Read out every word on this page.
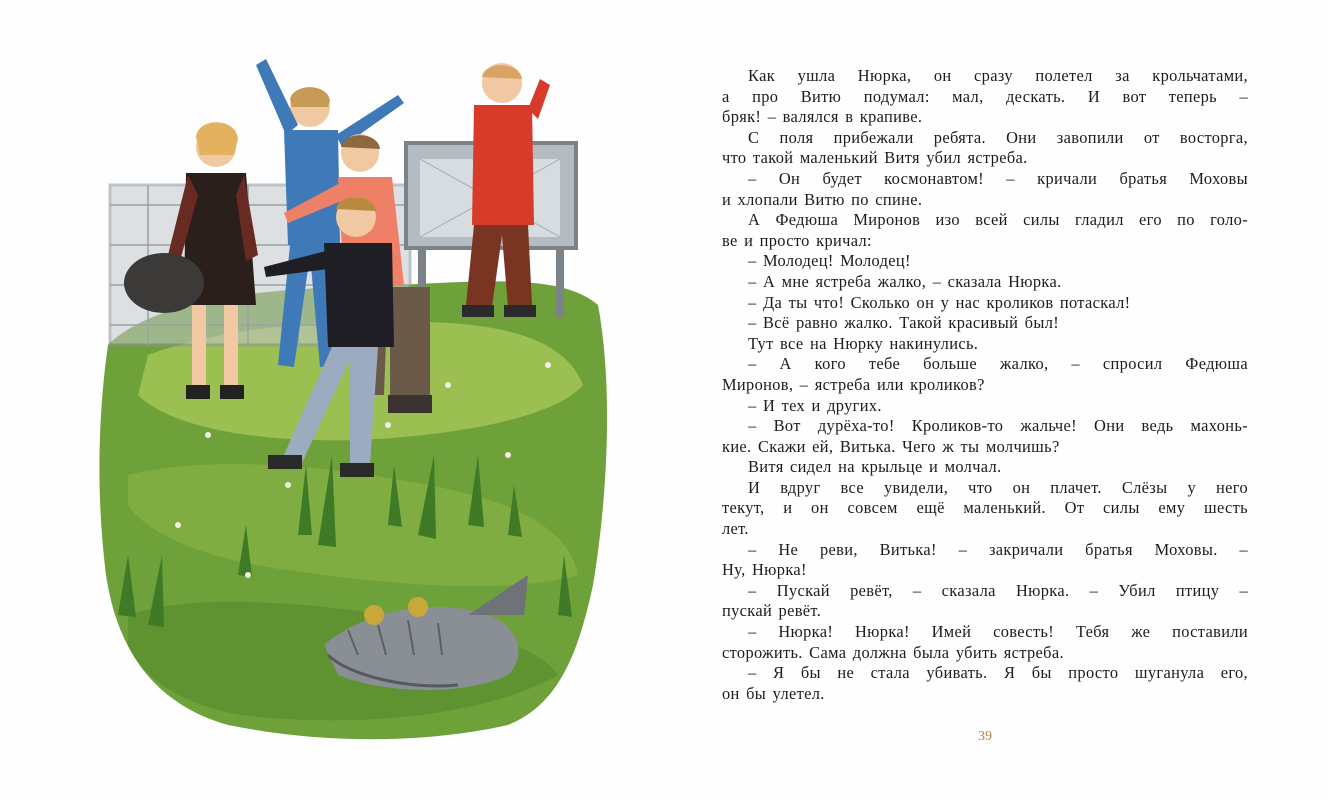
Как ушла Нюрка, он сразу полетел за крольчатами,

а про Витю подумал: мал, дескать. И вот теперь –

бряк! – валялся в крапиве.

С поля прибежали ребята. Они завопили от восторга,

что такой маленький Витя убил ястреба.

– Он будет космонавтом! – кричали братья Моховы

и хлопали Витю по спине.

А Федюша Миронов изо всей силы гладил его по голо-

ве и просто кричал:

– Молодец! Молодец!

– А мне ястреба жалко, – сказала Нюрка.

– Да ты что! Сколько он у нас кроликов потаскал!

– Всё равно жалко. Такой красивый был!

Тут все на Нюрку накинулись.

– А кого тебе больше жалко, – спросил Федюша

Миронов, – ястреба или кроликов?

– И тех и других.

– Вот дурёха-то! Кроликов-то жальче! Они ведь махонь-

кие. Скажи ей, Витька. Чего ж ты молчишь?

Витя сидел на крыльце и молчал.

И вдруг все увидели, что он плачет. Слёзы у него

текут, и он совсем ещё маленький. От силы ему шесть

лет.

– Не реви, Витька! – закричали братья Моховы. –

Ну, Нюрка!

– Пускай ревёт, – сказала Нюрка. – Убил птицу –

пускай ревёт.

– Нюрка! Нюрка! Имей совесть! Тебя же поставили

сторожить. Сама должна была убить ястреба.

– Я бы не стала убивать. Я бы просто шуганула его,

он бы улетел.

39
